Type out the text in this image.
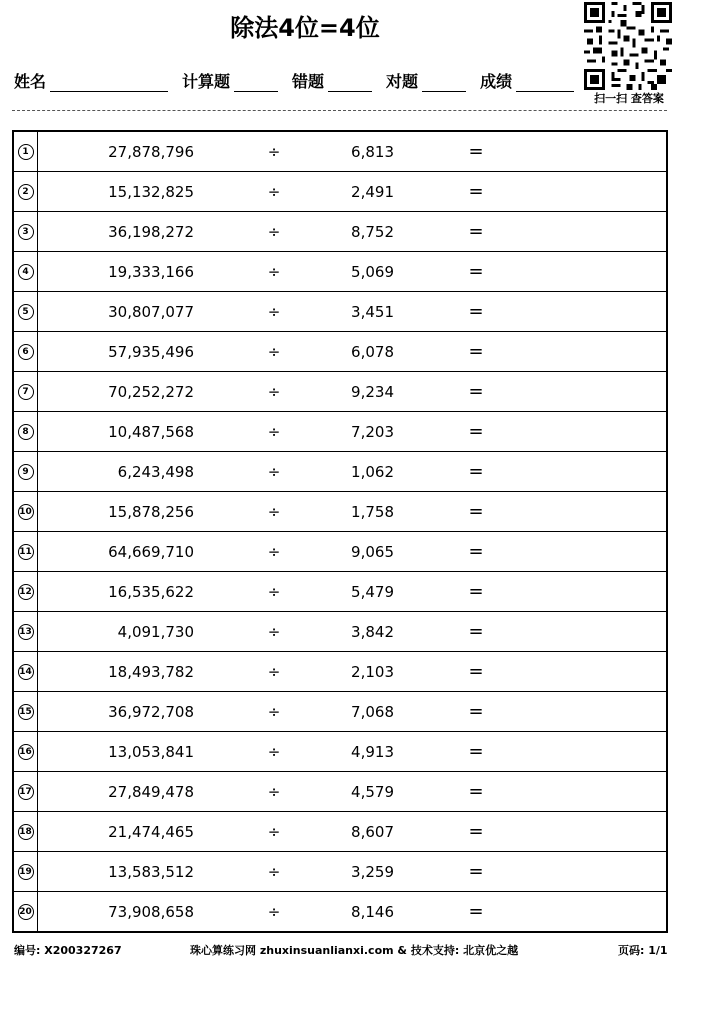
除法4位=4位
扫一扫 查答案
姓名	计算题	错题	对题	成绩
1	27,878,796	÷	6,813	=
2	15,132,825	÷	2,491	=
3	36,198,272	÷	8,752	=
4	19,333,166	÷	5,069	=
5	30,807,077	÷	3,451	=
6	57,935,496	÷	6,078	=
7	70,252,272	÷	9,234	=
8	10,487,568	÷	7,203	=
9	6,243,498	÷	1,062	=
10	15,878,256	÷	1,758	=
11	64,669,710	÷	9,065	=
12	16,535,622	÷	5,479	=
13	4,091,730	÷	3,842	=
14	18,493,782	÷	2,103	=
15	36,972,708	÷	7,068	=
16	13,053,841	÷	4,913	=
17	27,849,478	÷	4,579	=
18	21,474,465	÷	8,607	=
19	13,583,512	÷	3,259	=
20	73,908,658	÷	8,146	=
编号: X200327267	珠心算练习网 zhuxinsuanlianxi.com & 技术支持: 北京优之越	页码: 1/1
